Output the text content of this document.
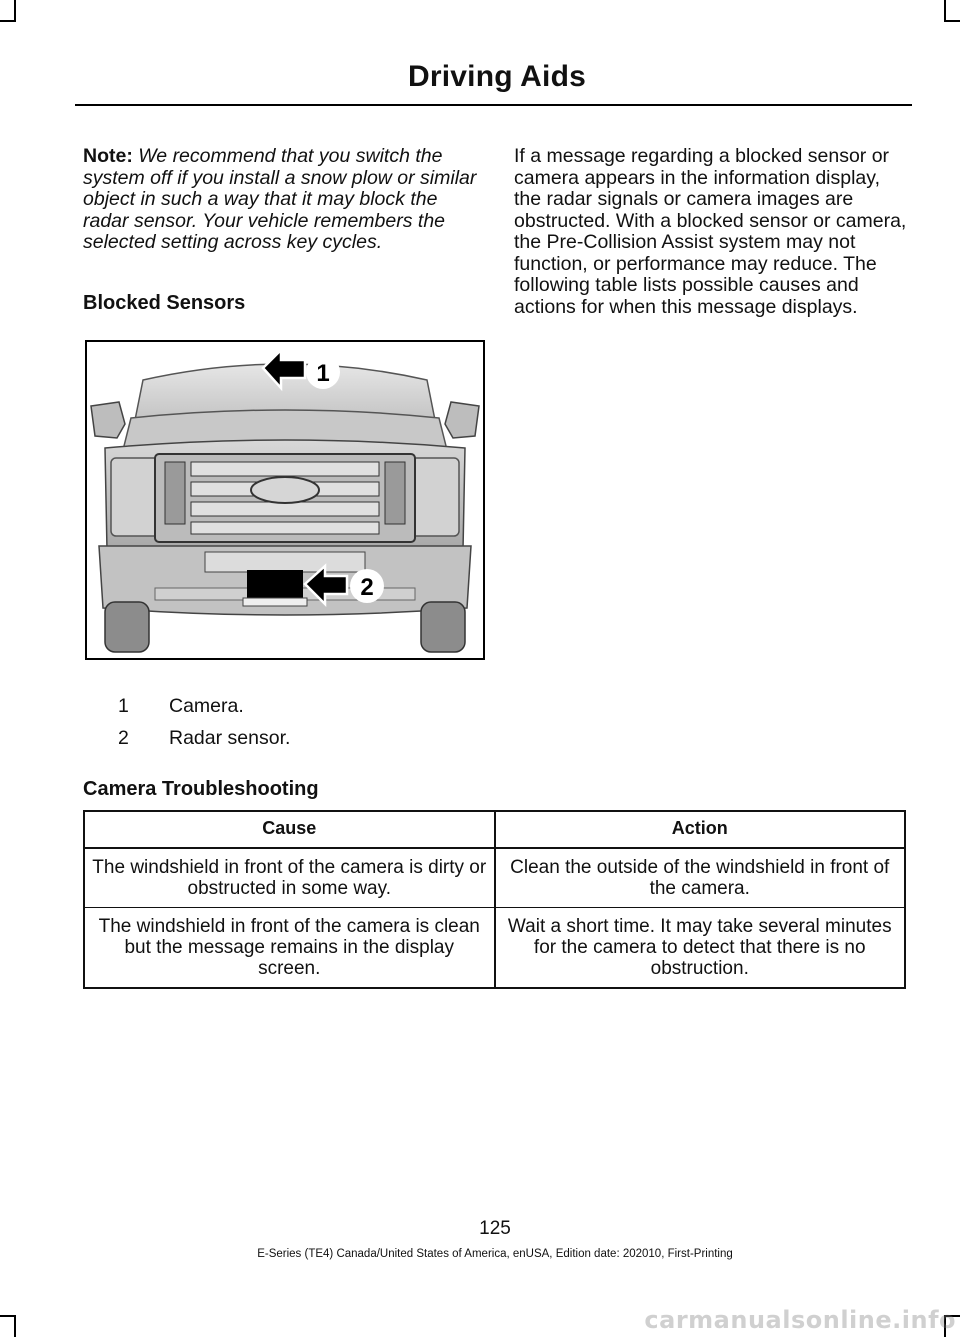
Driving Aids

Note: We recommend that you switch the system off if you install a snow plow or similar object in such a way that it may block the radar sensor. Your vehicle remembers the selected setting across key cycles.

Blocked Sensors

If a message regarding a blocked sensor or camera appears in the information display, the radar signals or camera images are obstructed. With a blocked sensor or camera, the Pre-Collision Assist system may not function, or performance may reduce. The following table lists possible causes and actions for when this message displays.

1
2
1	Camera.
2	Radar sensor.
Camera Troubleshooting
Cause	Action
The windshield in front of the camera is dirty or obstructed in some way.	Clean the outside of the windshield in front of the camera.
The windshield in front of the camera is clean but the message remains in the display screen.	Wait a short time. It may take several minutes for the camera to detect that there is no obstruction.
125
E-Series (TE4) Canada/United States of America, enUSA, Edition date: 202010, First-Printing
carmanualsonline.info
